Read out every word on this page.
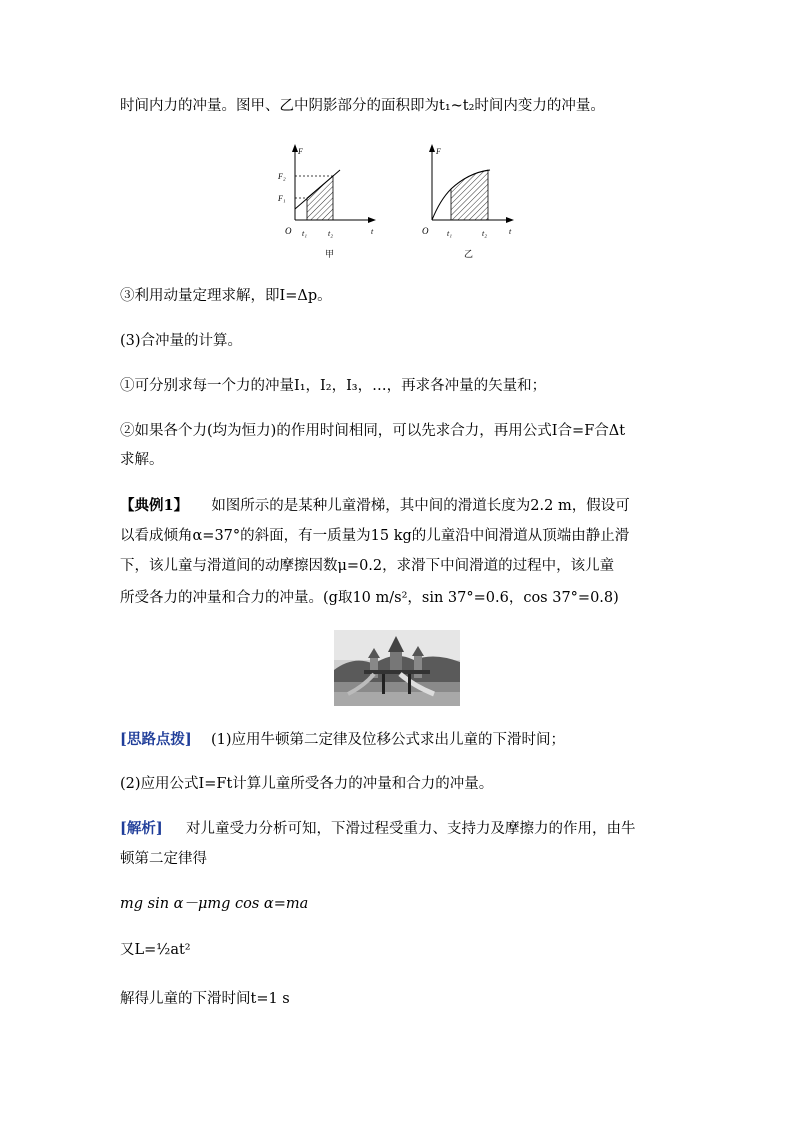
时间内力的冲量。图甲、乙中阴影部分的面积即为t₁~t₂时间内变力的冲量。
F
F₂
F₁
O t₁	t₂	t
甲
F
O t₁	t₂	t
乙
③利用动量定理求解，即I=Δp。
(3)合冲量的计算。
①可分别求每一个力的冲量I₁，I₂，I₃，…，再求各冲量的矢量和；
②如果各个力(均为恒力)的作用时间相同，可以先求合力，再用公式I合=F合Δt
求解。
【典例1】 如图所示的是某种儿童滑梯，其中间的滑道长度为2.2 m，假设可
以看成倾角α=37°的斜面，有一质量为15 kg的儿童沿中间滑道从顶端由静止滑
下，该儿童与滑道间的动摩擦因数μ=0.2，求滑下中间滑道的过程中，该儿童
所受各力的冲量和合力的冲量。(g取10 m/s²，sin 37°=0.6，cos 37°=0.8)
[思路点拨] (1)应用牛顿第二定律及位移公式求出儿童的下滑时间；
(2)应用公式I=Ft计算儿童所受各力的冲量和合力的冲量。
[解析] 对儿童受力分析可知，下滑过程受重力、支持力及摩擦力的作用，由牛
顿第二定律得
mg sin α－μmg cos α=ma
又L=½at²
解得儿童的下滑时间t=1 s
